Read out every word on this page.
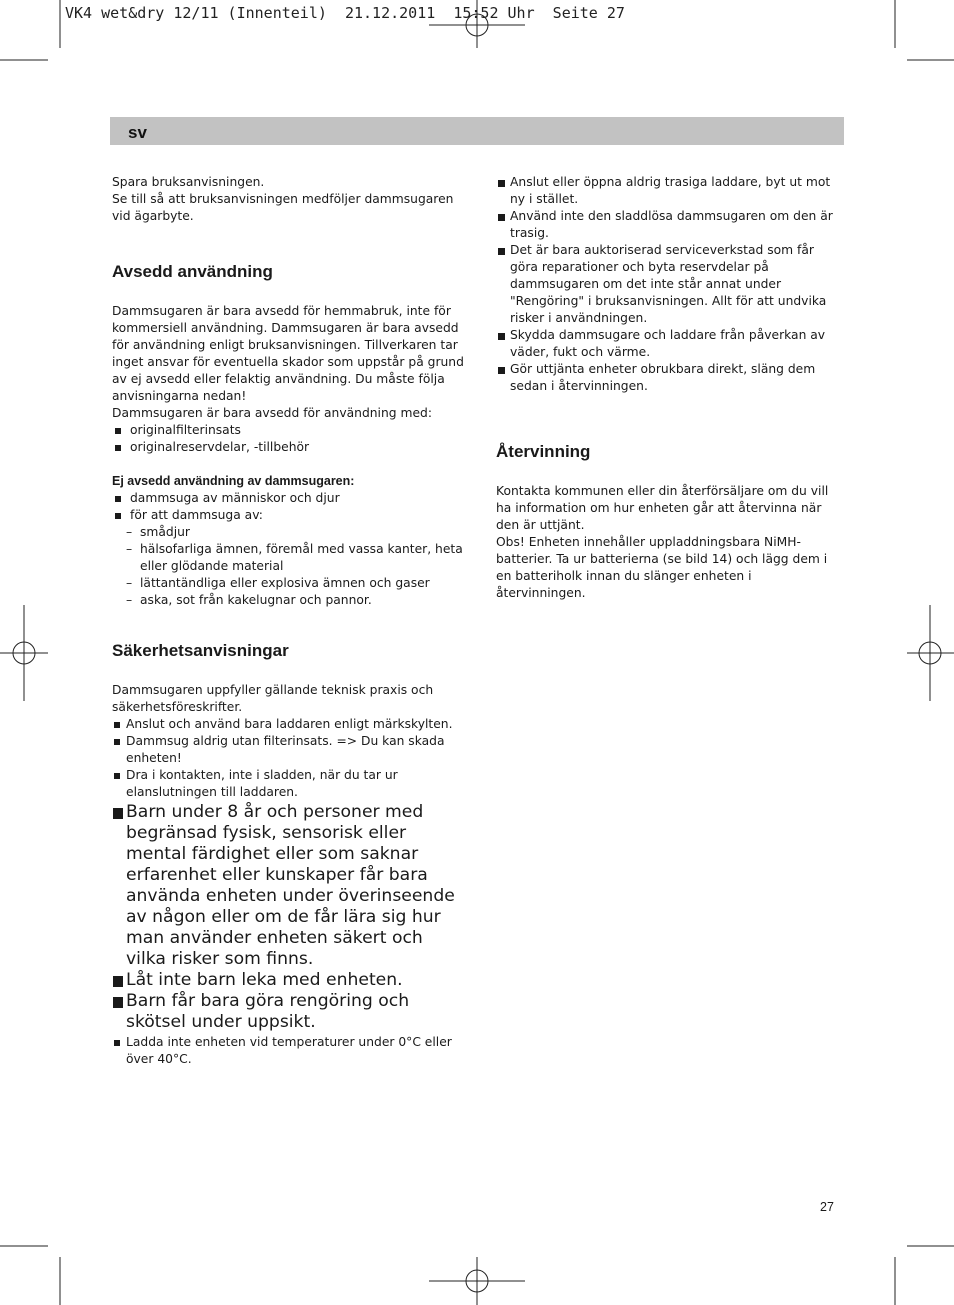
VK4 wet&dry 12/11 (Innenteil)  21.12.2011  15:52 Uhr  Seite 27
sv

Spara bruksanvisningen.

Se till så att bruksanvisningen medföljer dammsugaren vid ägarbyte.

Avsedd användning

Dammsugaren är bara avsedd för hemmabruk, inte för kommersiell användning. Dammsugaren är bara avsedd för användning enligt bruksanvisningen. Tillverkaren tar inget ansvar för eventuella skador som uppstår på grund av ej avsedd eller felaktig användning. Du måste följa anvisningarna nedan!

Dammsugaren är bara avsedd för användning med:

originalfilterinsats
originalreservdelar, -tillbehör
Ej avsedd användning av dammsugaren:
dammsuga av människor och djur
för att dammsuga av:
– smådjur
– hälsofarliga ämnen, föremål med vassa kanter, heta eller glödande material
– lättantändliga eller explosiva ämnen och gaser
– aska, sot från kakelugnar och pannor.
Säkerhetsanvisningar

Dammsugaren uppfyller gällande teknisk praxis och säkerhetsföreskrifter.

Anslut och använd bara laddaren enligt märkskylten.
Dammsug aldrig utan filterinsats. => Du kan skada enheten!
Dra i kontakten, inte i sladden, när du tar ur elanslutningen till laddaren.
Barn under 8 år och personer med begränsad fysisk, sensorisk eller mental färdighet eller som saknar erfarenhet eller kunskaper får bara använda enheten under överinseende av någon eller om de får lära sig hur man använder enheten säkert och vilka risker som finns.
Låt inte barn leka med enheten.
Barn får bara göra rengöring och skötsel under uppsikt.
Ladda inte enheten vid temperaturer under 0°C eller över 40°C.
Anslut eller öppna aldrig trasiga laddare, byt ut mot ny i stället.
Använd inte den sladdlösa dammsugaren om den är trasig.
Det är bara auktoriserad serviceverkstad som får göra reparationer och byta reservdelar på dammsugaren om det inte står annat under "Rengöring" i bruksanvisningen. Allt för att undvika risker i användningen.
Skydda dammsugare och laddare från påverkan av väder, fukt och värme.
Gör uttjänta enheter obrukbara direkt, släng dem sedan i återvinningen.
Återvinning

Kontakta kommunen eller din återförsäljare om du vill ha information om hur enheten går att återvinna när den är uttjänt.

Obs! Enheten innehåller uppladdningsbara NiMH-batterier. Ta ur batterierna (se bild 14) och lägg dem i en batteriholk innan du slänger enheten i återvinningen.

27
